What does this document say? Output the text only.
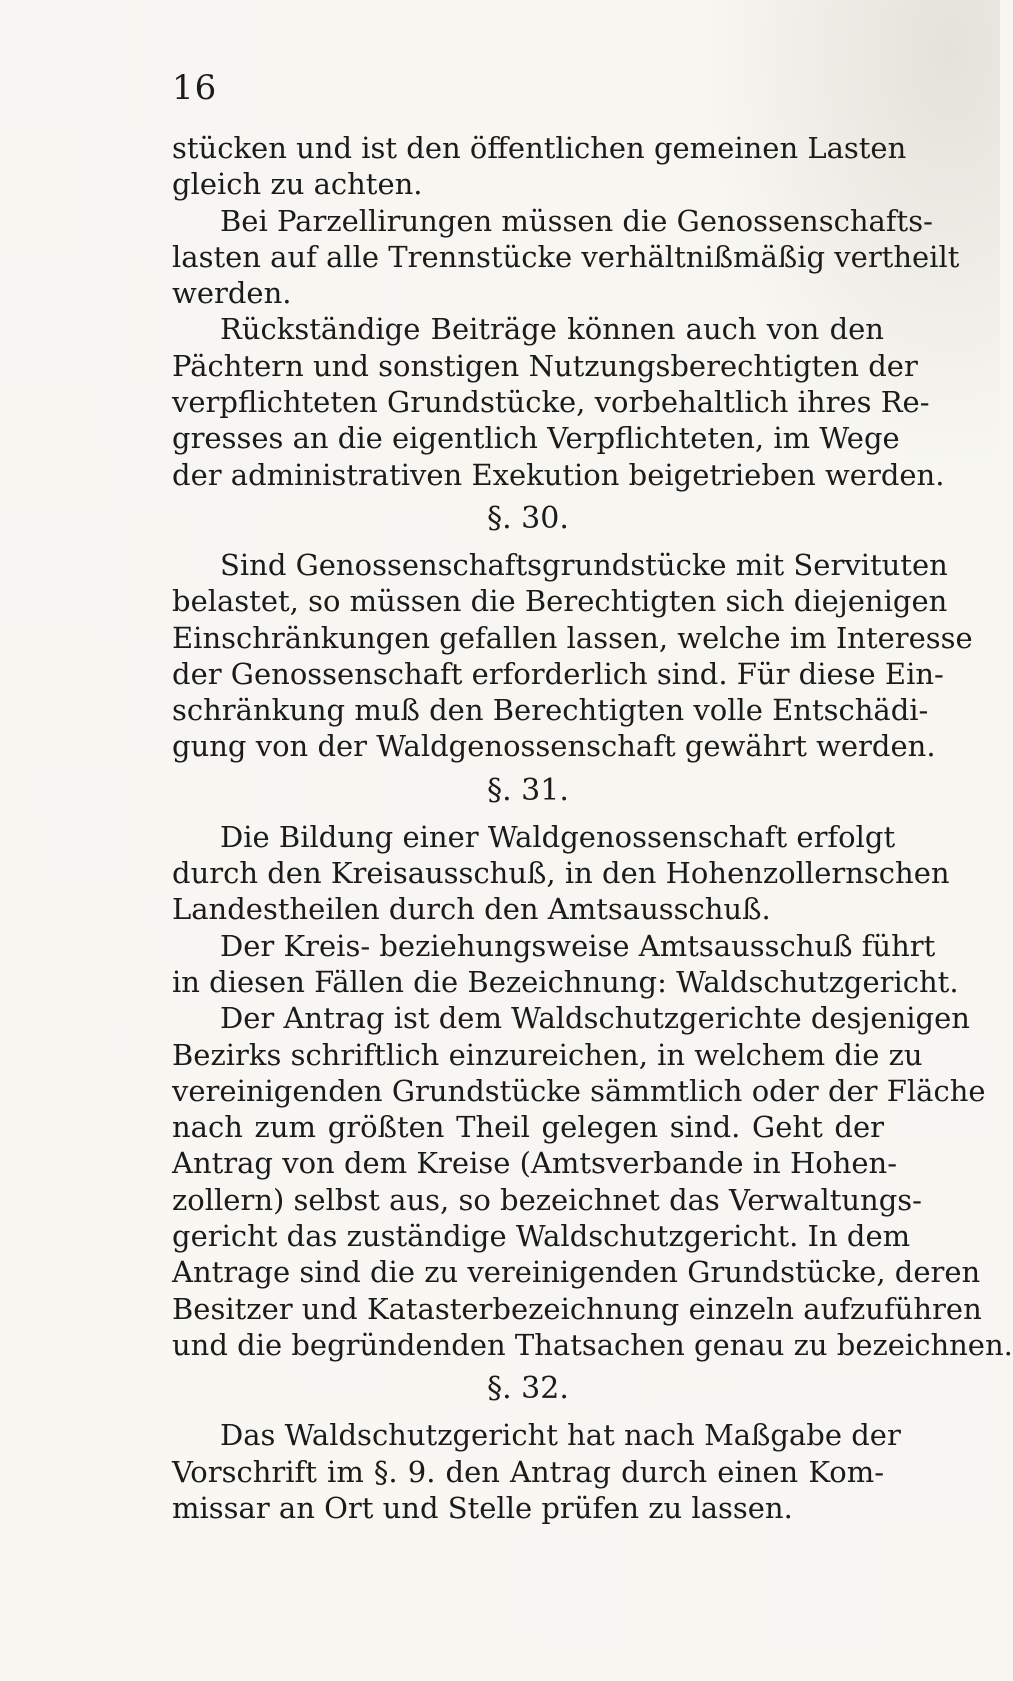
16
stücken und ist den öffentlichen gemeinen Lasten
gleich zu achten.
Bei Parzellirungen müssen die Genossenschafts-
lasten auf alle Trennstücke verhältnißmäßig vertheilt
werden.
Rückständige Beiträge können auch von den
Pächtern und sonstigen Nutzungsberechtigten der
verpflichteten Grundstücke, vorbehaltlich ihres Re-
gresses an die eigentlich Verpflichteten, im Wege
der administrativen Exekution beigetrieben werden.
§. 30.
Sind Genossenschaftsgrundstücke mit Servituten
belastet, so müssen die Berechtigten sich diejenigen
Einschränkungen gefallen lassen, welche im Interesse
der Genossenschaft erforderlich sind. Für diese Ein-
schränkung muß den Berechtigten volle Entschädi-
gung von der Waldgenossenschaft gewährt werden.
§. 31.
Die Bildung einer Waldgenossenschaft erfolgt
durch den Kreisausschuß, in den Hohenzollernschen
Landestheilen durch den Amtsausschuß.
Der Kreis- beziehungsweise Amtsausschuß führt
in diesen Fällen die Bezeichnung: Waldschutzgericht.
Der Antrag ist dem Waldschutzgerichte desjenigen
Bezirks schriftlich einzureichen, in welchem die zu
vereinigenden Grundstücke sämmtlich oder der Fläche
nach zum größten Theil gelegen sind. Geht der
Antrag von dem Kreise (Amtsverbande in Hohen-
zollern) selbst aus, so bezeichnet das Verwaltungs-
gericht das zuständige Waldschutzgericht. In dem
Antrage sind die zu vereinigenden Grundstücke, deren
Besitzer und Katasterbezeichnung einzeln aufzuführen
und die begründenden Thatsachen genau zu bezeichnen.
§. 32.
Das Waldschutzgericht hat nach Maßgabe der
Vorschrift im §. 9. den Antrag durch einen Kom-
missar an Ort und Stelle prüfen zu lassen.
